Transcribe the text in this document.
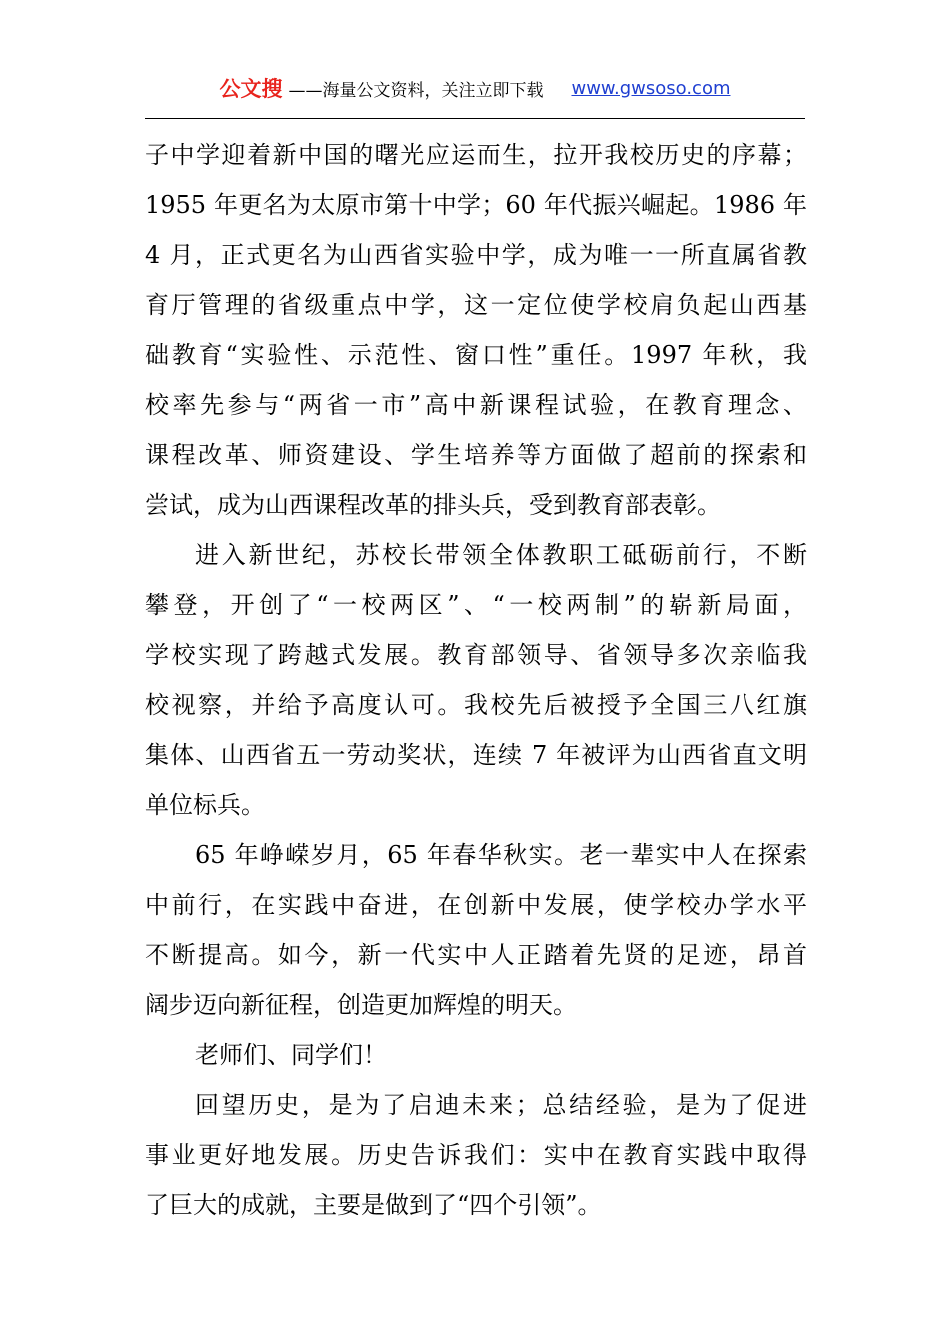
公文搜 ——海量公文资料，关注立即下载 www.gwsoso.com
子中学迎着新中国的曙光应运而生，拉开我校历史的序幕；
1955 年更名为太原市第十中学；60 年代振兴崛起。1986 年
4 月，正式更名为山西省实验中学，成为唯一一所直属省教
育厅管理的省级重点中学，这一定位使学校肩负起山西基
础教育“实验性、示范性、窗口性”重任。1997 年秋，我
校率先参与“两省一市”高中新课程试验，在教育理念、
课程改革、师资建设、学生培养等方面做了超前的探索和
尝试，成为山西课程改革的排头兵，受到教育部表彰。
进入新世纪，苏校长带领全体教职工砥砺前行，不断
攀登，开创了“一校两区”、“一校两制”的崭新局面，
学校实现了跨越式发展。教育部领导、省领导多次亲临我
校视察，并给予高度认可。我校先后被授予全国三八红旗
集体、山西省五一劳动奖状，连续 7 年被评为山西省直文明
单位标兵。
65 年峥嵘岁月，65 年春华秋实。老一辈实中人在探索
中前行，在实践中奋进，在创新中发展，使学校办学水平
不断提高。如今，新一代实中人正踏着先贤的足迹，昂首
阔步迈向新征程，创造更加辉煌的明天。
老师们、同学们！
回望历史，是为了启迪未来；总结经验，是为了促进
事业更好地发展。历史告诉我们：实中在教育实践中取得
了巨大的成就，主要是做到了“四个引领”。
